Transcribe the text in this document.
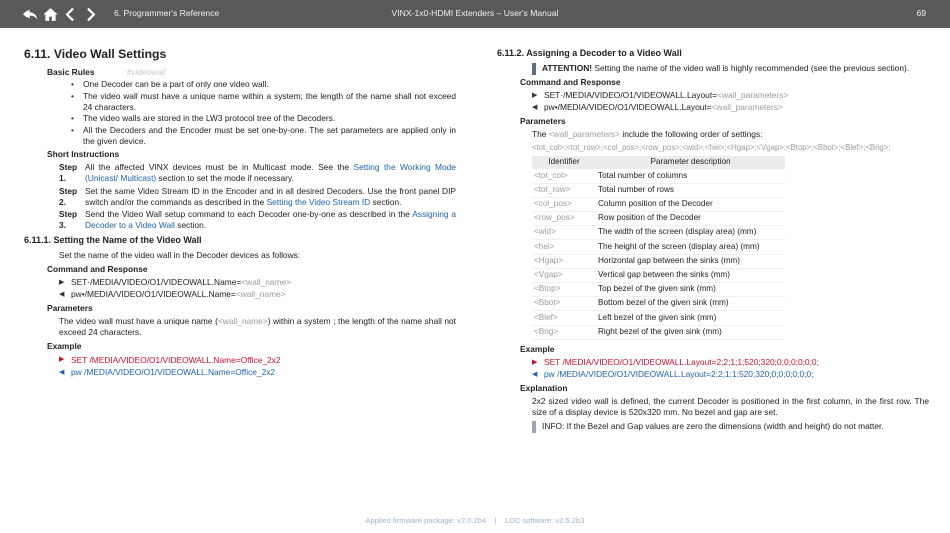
6. Programmer's Reference	VINX-1x0-HDMI Extenders – User's Manual	69
6.11. Video Wall Settings
Basic Rules	#videowall
• One Decoder can be a part of only one video wall.
• The video wall must have a unique name within a system; the length of the name shall not exceed 24 characters.
• The video walls are stored in the LW3 protocol tree of the Decoders.
• All the Decoders and the Encoder must be set one-by-one. The set parameters are applied only in the given device.
Short Instructions
Step 1.
All the affected VINX devices must be in Multicast mode. See the Setting the Working Mode (Unicast/ Multicast) section to set the mode if necessary.
Step 2.
Set the same Video Stream ID in the Encoder and in all desired Decoders. Use the front panel DIP switch and/or the commands as described in the Setting the Video Stream ID section.
Step 3.
Send the Video Wall setup command to each Decoder one-by-one as described in the Assigning a Decoder to a Video Wall section.
6.11.1. Setting the Name of the Video Wall
Set the name of the video wall in the Decoder devices as follows:
Command and Response
▶ SET·/MEDIA/VIDEO/O1/VIDEOWALL.Name= <wall_name>
◀ pw•/MEDIA/VIDEO/O1/VIDEOWALL.Name= <wall_name>
Parameters
The video wall must have a unique name (<wall_name>) within a system ; the length of the name shall not exceed 24 characters.
Example
▶ SET /MEDIA/VIDEO/O1/VIDEOWALL.Name=Office_2x2
◀ pw /MEDIA/VIDEO/O1/VIDEOWALL.Name=Office_2x2
6.11.2. Assigning a Decoder to a Video Wall
ATTENTION! Setting the name of the video wall is highly recommended (see the previous section).
Command and Response
▶ SET·/MEDIA/VIDEO/O1/VIDEOWALL.Layout= <wall_parameters>
◀ pw•/MEDIA/VIDEO/O1/VIDEOWALL.Layout= <wall_parameters>
Parameters
The <wall_parameters> include the following order of settings:
<tot_col>;<tot_row>;<col_pos>;<row_pos>;<wid>;<hei>;<Hgap>;<Vgap>;<Btop>;<Bbot>;<Blef>;<Brig>;
Identifier	Parameter description
<tot_col>	Total number of columns
<tot_row>	Total number of rows
<col_pos>	Column position of the Decoder
<row_pos>	Row position of the Decoder
<wid>	The width of the screen (display area) (mm)
<hei>	The height of the screen (display area) (mm)
<Hgap>	Horizontal gap between the sinks (mm)
<Vgap>	Vertical gap between the sinks (mm)
<Btop>	Top bezel of the given sink (mm)
<Bbot>	Bottom bezel of the given sink (mm)
<Blef>	Left bezel of the given sink (mm)
<Brig>	Right bezel of the given sink (mm)
Example
▶ SET /MEDIA/VIDEO/O1/VIDEOWALL.Layout=2;2;1;1;520;320;0;0;0;0;0;0;
◀ pw /MEDIA/VIDEO/O1/VIDEOWALL.Layout=2;2;1;1;520;320;0;0;0;0;0;0;
Explanation
2x2 sized video wall is defined, the current Decoder is positioned in the first column, in the first row. The size of a display device is 520x320 mm. No bezel and gap are set.
INFO: If the Bezel and Gap values are zero the dimensions (width and height) do not matter.
Applied firmware package: v2.0.2b4 | LDC software: v2.5.2b3
